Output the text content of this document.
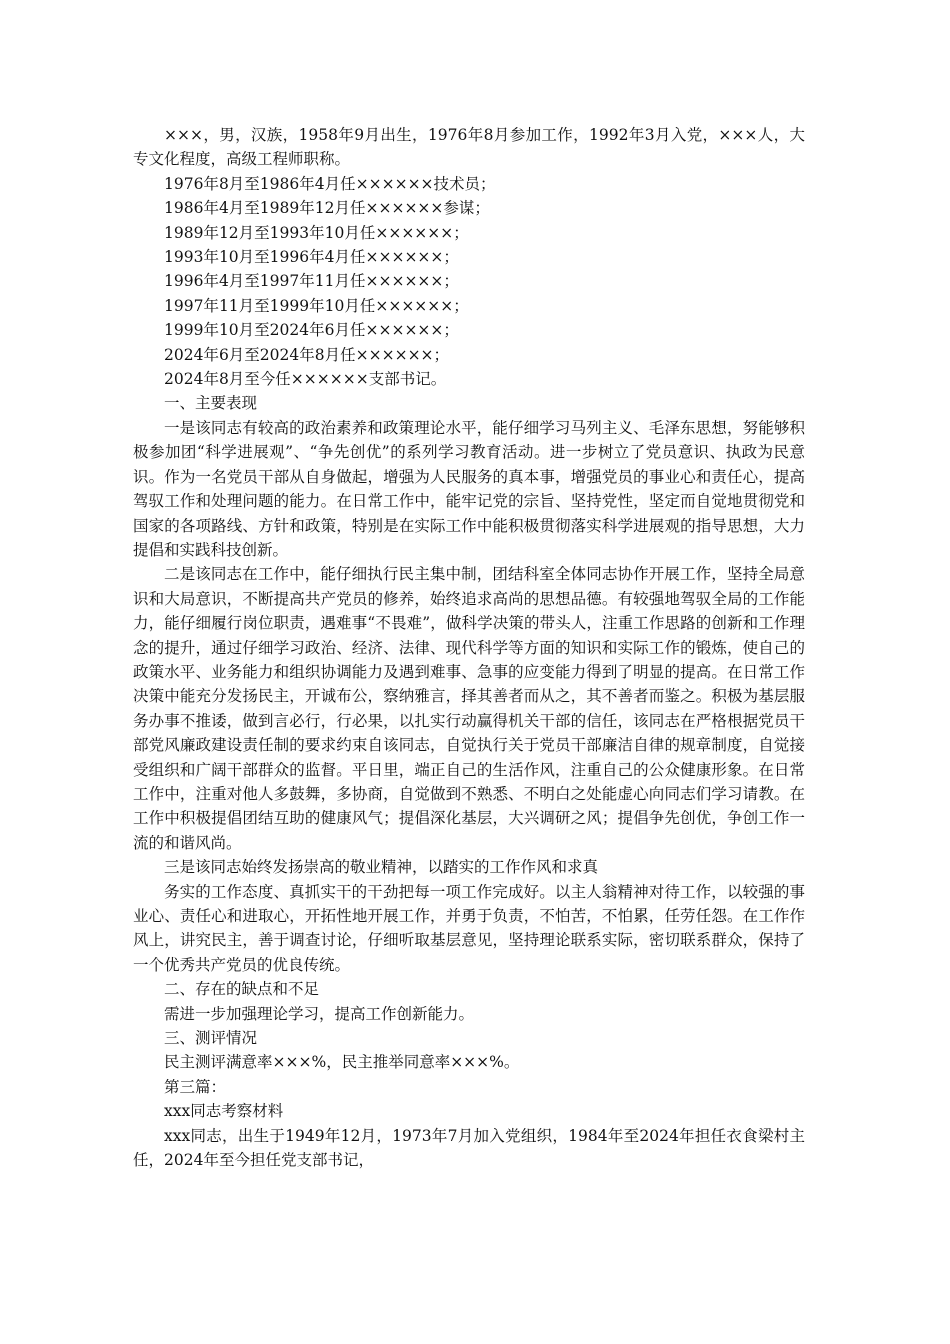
×××，男，汉族，1958年9月出生，1976年8月参加工作，1992年3月入党，×××人，大专文化程度，高级工程师职称。

1976年8月至1986年4月任××××××技术员；

1986年4月至1989年12月任××××××参谋；

1989年12月至1993年10月任××××××；

1993年10月至1996年4月任××××××；

1996年4月至1997年11月任××××××；

1997年11月至1999年10月任××××××；

1999年10月至2024年6月任××××××；

2024年6月至2024年8月任××××××；

2024年8月至今任××××××支部书记。

一、主要表现

一是该同志有较高的政治素养和政策理论水平，能仔细学习马列主义、毛泽东思想，努能够积极参加团“科学进展观”、“争先创优”的系列学习教育活动。进一步树立了党员意识、执政为民意识。作为一名党员干部从自身做起，增强为人民服务的真本事，增强党员的事业心和责任心，提高驾驭工作和处理问题的能力。在日常工作中，能牢记党的宗旨、坚持党性，坚定而自觉地贯彻党和国家的各项路线、方针和政策，特别是在实际工作中能积极贯彻落实科学进展观的指导思想，大力提倡和实践科技创新。

二是该同志在工作中，能仔细执行民主集中制，团结科室全体同志协作开展工作，坚持全局意识和大局意识，不断提高共产党员的修养，始终追求高尚的思想品德。有较强地驾驭全局的工作能力，能仔细履行岗位职责，遇难事“不畏难”，做科学决策的带头人，注重工作思路的创新和工作理念的提升，通过仔细学习政治、经济、法律、现代科学等方面的知识和实际工作的锻炼，使自己的政策水平、业务能力和组织协调能力及遇到难事、急事的应变能力得到了明显的提高。在日常工作决策中能充分发扬民主，开诚布公，察纳雅言，择其善者而从之，其不善者而鉴之。积极为基层服务办事不推诿，做到言必行，行必果，以扎实行动赢得机关干部的信任，该同志在严格根据党员干部党风廉政建设责任制的要求约束自该同志，自觉执行关于党员干部廉洁自律的规章制度，自觉接受组织和广阔干部群众的监督。平日里，端正自己的生活作风，注重自己的公众健康形象。在日常工作中，注重对他人多鼓舞，多协商，自觉做到不熟悉、不明白之处能虚心向同志们学习请教。在工作中积极提倡团结互助的健康风气；提倡深化基层，大兴调研之风；提倡争先创优，争创工作一流的和谐风尚。

三是该同志始终发扬崇高的敬业精神，以踏实的工作作风和求真

务实的工作态度、真抓实干的干劲把每一项工作完成好。以主人翁精神对待工作，以较强的事业心、责任心和进取心，开拓性地开展工作，并勇于负责，不怕苦，不怕累，任劳任怨。在工作作风上，讲究民主，善于调查讨论，仔细听取基层意见，坚持理论联系实际，密切联系群众，保持了一个优秀共产党员的优良传统。

二、存在的缺点和不足

需进一步加强理论学习，提高工作创新能力。

三、测评情况

民主测评满意率×××%，民主推举同意率×××%。

第三篇：

xxx同志考察材料

xxx同志，出生于1949年12月，1973年7月加入党组织，1984年至2024年担任衣食梁村主任，2024年至今担任党支部书记，
